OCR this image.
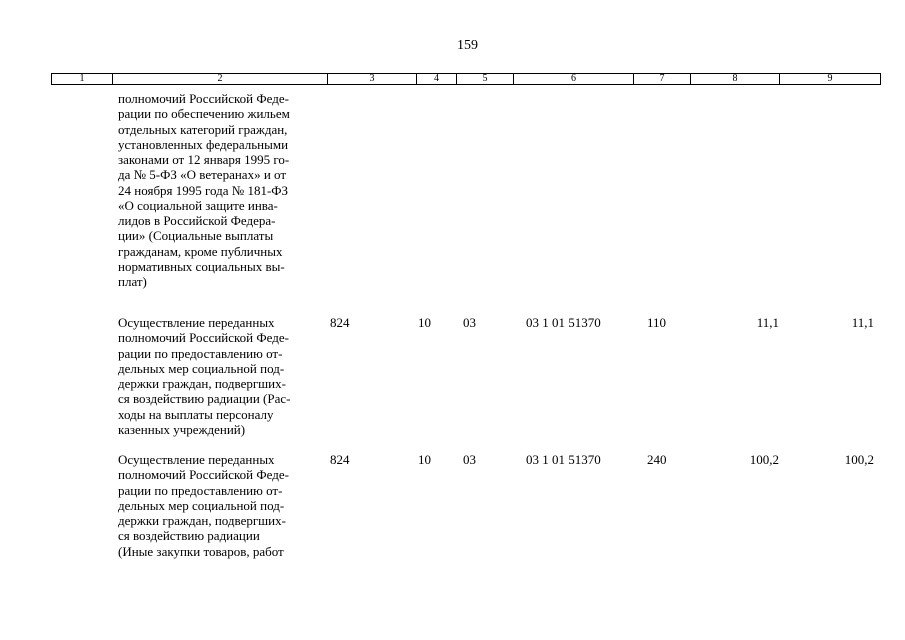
159
1	2	3	4	5	6	7	8	9
полномочий Российской Феде-
рации по обеспечению жильем
отдельных категорий граждан,
установленных федеральными
законами от 12 января 1995 го-
да № 5-ФЗ «О ветеранах» и от
24 ноября 1995 года № 181-ФЗ
«О социальной защите инва-
лидов в Российской Федера-
ции» (Социальные выплаты
гражданам, кроме публичных
нормативных социальных вы-
плат)
Осуществление переданных
полномочий Российской Феде-
рации по предоставлению от-
дельных мер социальной под-
держки граждан, подвергших-
ся воздействию радиации (Рас-
ходы на выплаты персоналу
казенных учреждений)
824	10 03	03 1 01 51370	110	11,1	11,1
Осуществление переданных
полномочий Российской Феде-
рации по предоставлению от-
дельных мер социальной под-
держки граждан, подвергших-
ся воздействию радиации
(Иные закупки товаров, работ
824	10 03	03 1 01 51370	240	100,2	100,2
